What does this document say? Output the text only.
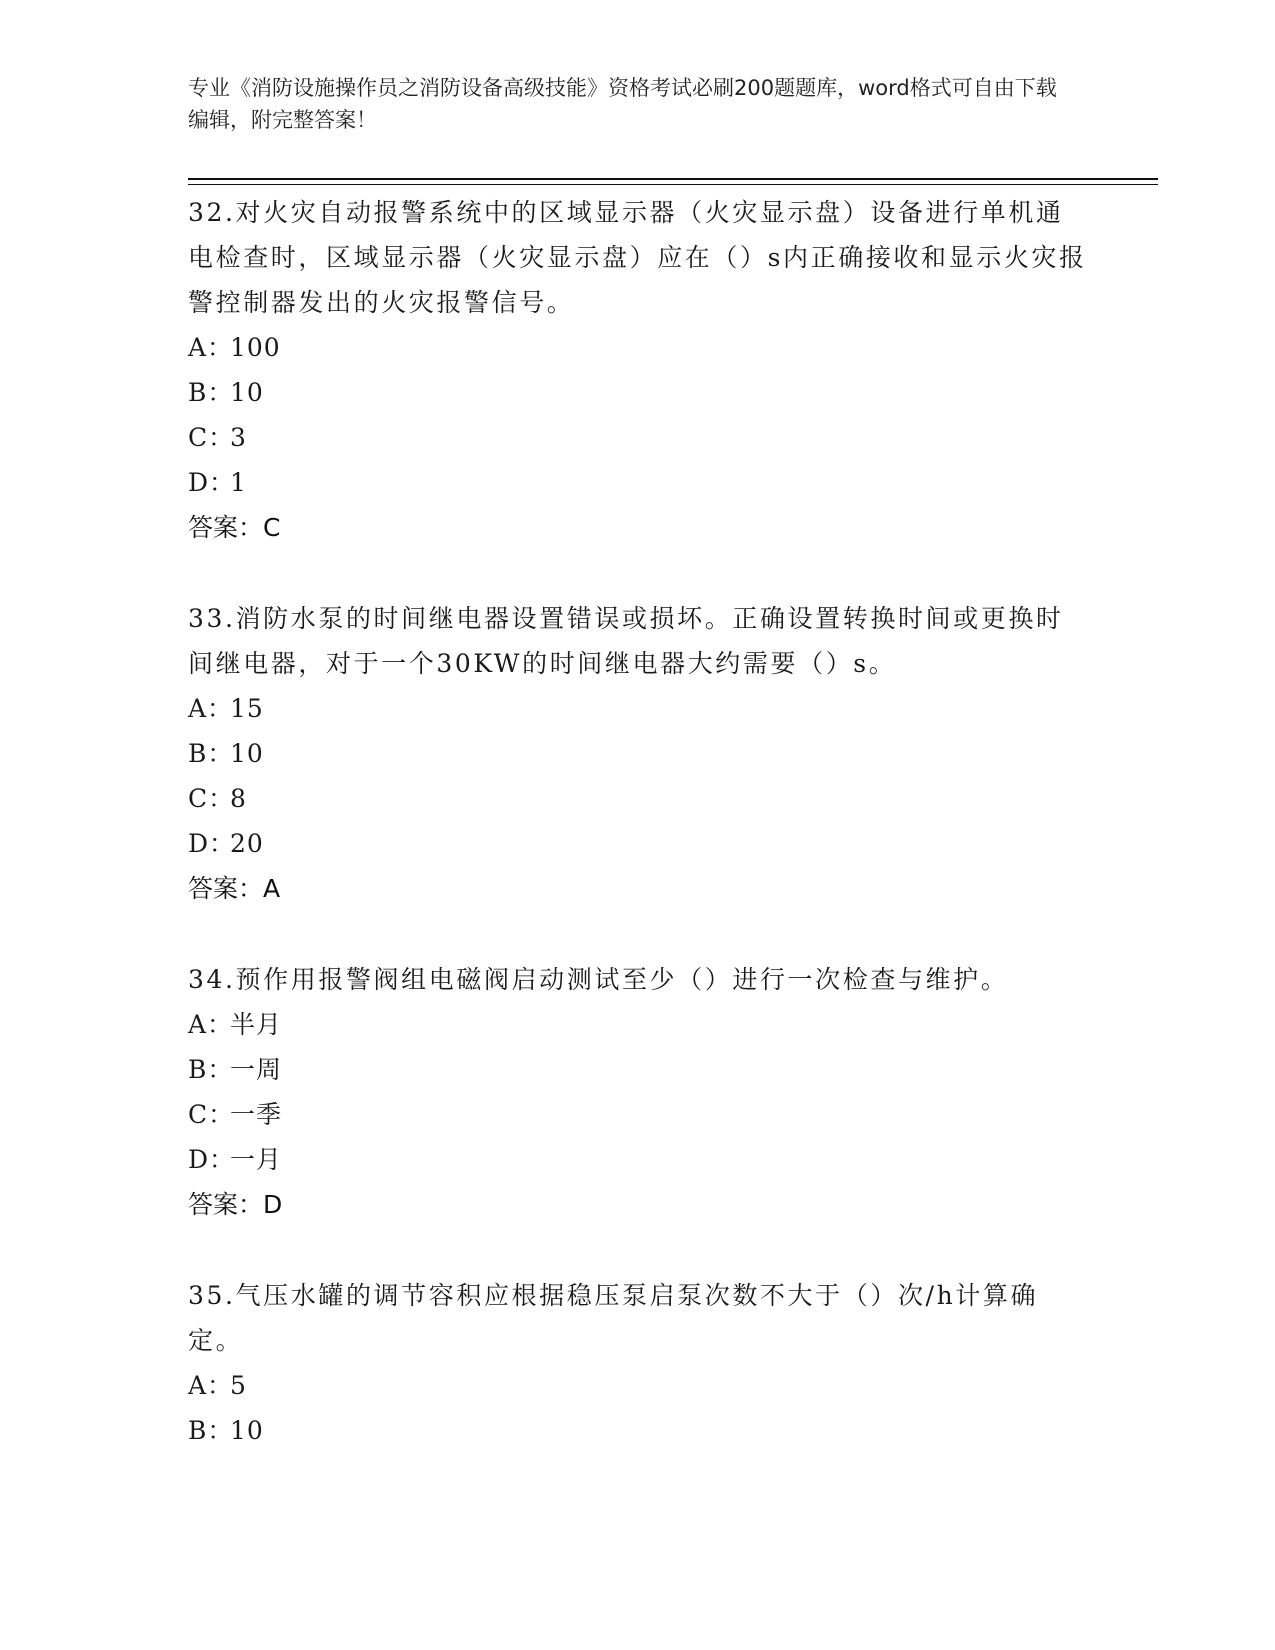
专业《消防设施操作员之消防设备高级技能》资格考试必刷200题题库，word格式可自由下载编辑，附完整答案！

32.对火灾自动报警系统中的区域显示器（火灾显示盘）设备进行单机通电检查时，区域显示器（火灾显示盘）应在（）s内正确接收和显示火灾报警控制器发出的火灾报警信号。

A：100

B：10

C：3

D：1

答案：C

33.消防水泵的时间继电器设置错误或损坏。正确设置转换时间或更换时间继电器，对于一个30KW的时间继电器大约需要（）s。

A：15

B：10

C：8

D：20

答案：A

34.预作用报警阀组电磁阀启动测试至少（）进行一次检查与维护。

A：半月

B：一周

C：一季

D：一月

答案：D

35.气压水罐的调节容积应根据稳压泵启泵次数不大于（）次/h计算确定。

A：5

B：10
